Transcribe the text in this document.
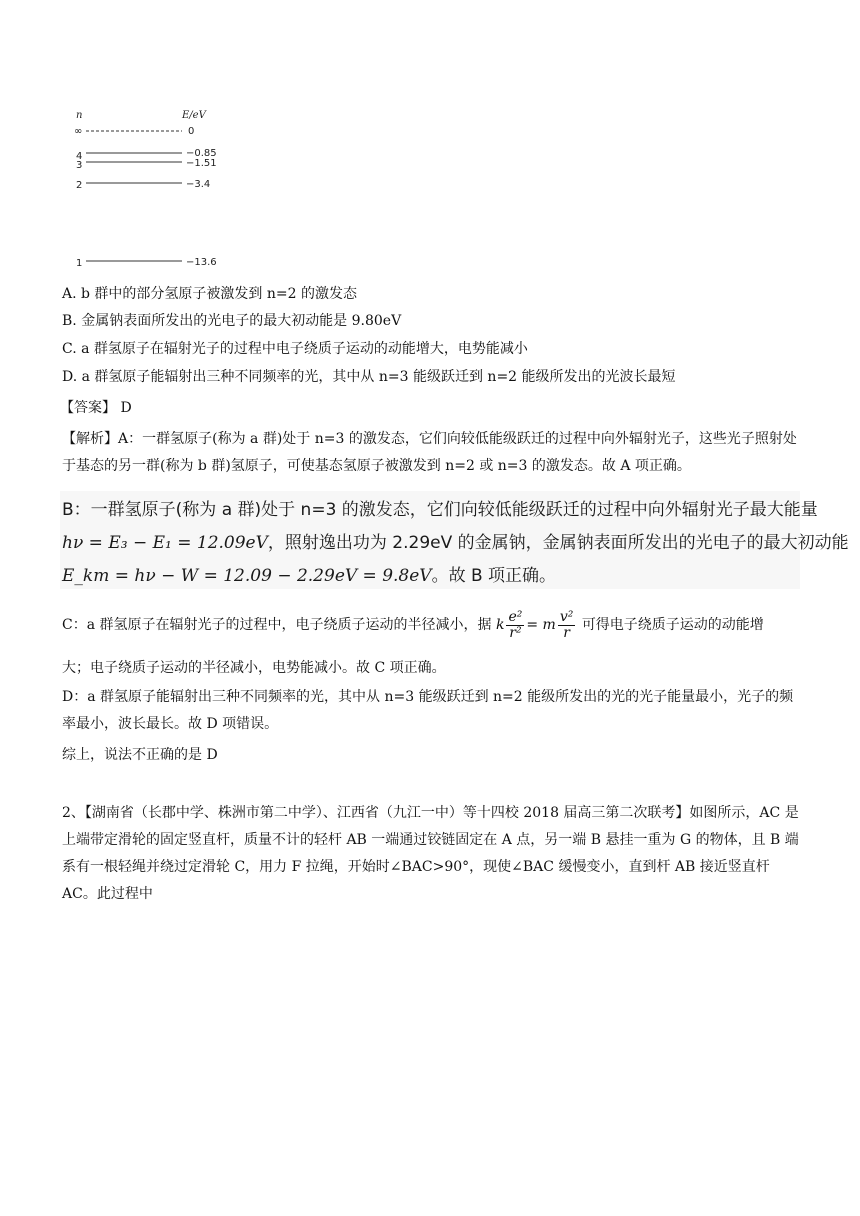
n	E/eV
∞	0
4	−0.85
3	−1.51
2	−3.4
1	−13.6
A. b 群中的部分氢原子被激发到 n=2 的激发态
B. 金属钠表面所发出的光电子的最大初动能是 9.80eV
C. a 群氢原子在辐射光子的过程中电子绕质子运动的动能增大，电势能减小
D. a 群氢原子能辐射出三种不同频率的光，其中从 n=3 能级跃迁到 n=2 能级所发出的光波长最短
【答案】 D
【解析】A：一群氢原子(称为 a 群)处于 n=3 的激发态，它们向较低能级跃迁的过程中向外辐射光子，这些光子照射处于基态的另一群(称为 b 群)氢原子，可使基态氢原子被激发到 n=2 或 n=3 的激发态。故 A 项正确。
B：一群氢原子(称为 a 群)处于 n=3 的激发态，它们向较低能级跃迁的过程中向外辐射光子最大能量
hν = E₃ − E₁ = 12.09eV，照射逸出功为 2.29eV 的金属钠，金属钠表面所发出的光电子的最大初动能
E_km = hν − W = 12.09 − 2.29eV = 9.8eV。故 B 项正确。
C：a 群氢原子在辐射光子的过程中，电子绕质子运动的半径减小，据 k $\frac{\text{e²}}{\text{r²}} = m \frac{\text{v²}}{r}$ 可得电子绕质子运动的动能增
大；电子绕质子运动的半径减小，电势能减小。故 C 项正确。
D：a 群氢原子能辐射出三种不同频率的光，其中从 n=3 能级跃迁到 n=2 能级所发出的光的光子能量最小，光子的频率最小，波长最长。故 D 项错误。
综上，说法不正确的是 D
2、【湖南省（长郡中学、株洲市第二中学）、江西省（九江一中）等十四校 2018 届高三第二次联考】如图所示，AC 是上端带定滑轮的固定竖直杆，质量不计的轻杆 AB 一端通过铰链固定在 A 点，另一端 B 悬挂一重为 G 的物体，且 B 端系有一根轻绳并绕过定滑轮 C，用力 F 拉绳，开始时∠BAC>90°，现使∠BAC 缓慢变小，直到杆 AB 接近竖直杆 AC。此过程中
